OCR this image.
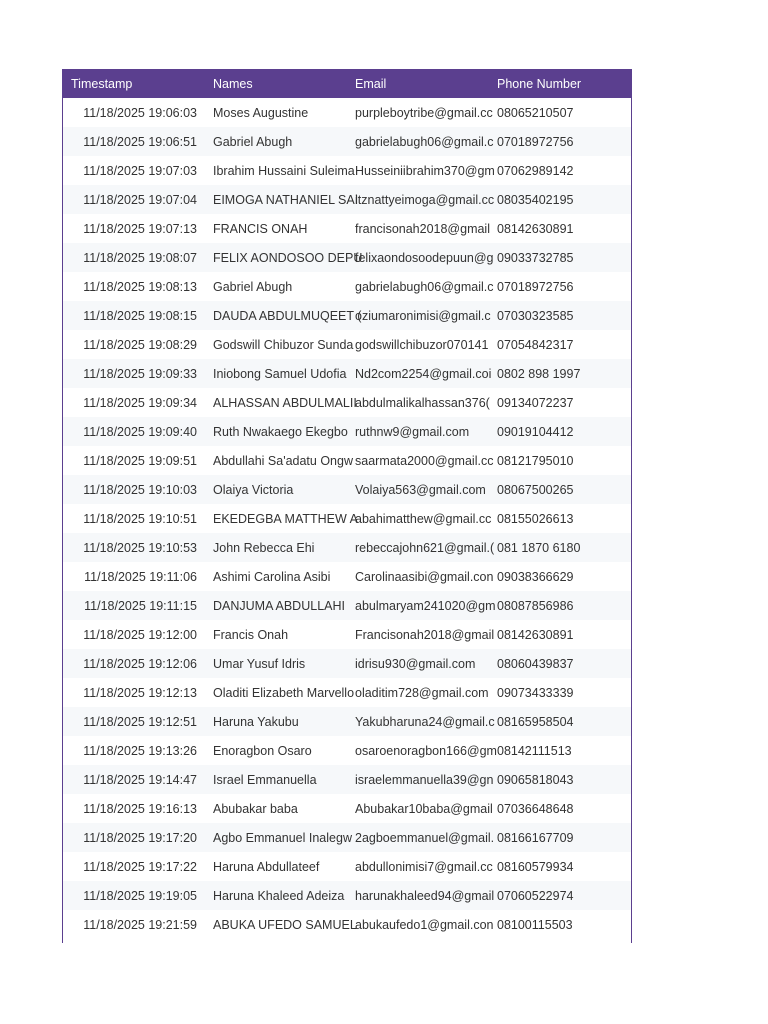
Timestamp	Names	Email	Phone Number
11/18/2025 19:06:03	Moses Augustine	purpleboytribe@gmail.cc	08065210507
11/18/2025 19:06:51	Gabriel Abugh	gabrielabugh06@gmail.c	07018972756
11/18/2025 19:07:03	Ibrahim Hussaini Suleima	Husseiniibrahim370@gm	07062989142
11/18/2025 19:07:04	EIMOGA NATHANIEL SAI	itznattyeimoga@gmail.cc	08035402195
11/18/2025 19:07:13	FRANCIS ONAH	francisonah2018@gmail	08142630891
11/18/2025 19:08:07	FELIX AONDOSOO DEPU	felixaondosoodepuun@g	09033732785
11/18/2025 19:08:13	Gabriel Abugh	gabrielabugh06@gmail.c	07018972756
11/18/2025 19:08:15	DAUDA ABDULMUQEET (	oziumaronimisi@gmail.c	07030323585
11/18/2025 19:08:29	Godswill Chibuzor Sunda	godswillchibuzor070141	07054842317
11/18/2025 19:09:33	Iniobong Samuel Udofia	Nd2com2254@gmail.coi	0802 898 1997
11/18/2025 19:09:34	ALHASSAN ABDULMALII	abdulmalikalhassan376(	09134072237
11/18/2025 19:09:40	Ruth Nwakaego Ekegbo	ruthnw9@gmail.com	09019104412
11/18/2025 19:09:51	Abdullahi Sa'adatu Ongw	saarmata2000@gmail.cc	08121795010
11/18/2025 19:10:03	Olaiya Victoria	Volaiya563@gmail.com	08067500265
11/18/2025 19:10:51	EKEDEGBA MATTHEW A	abahimatthew@gmail.cc	08155026613
11/18/2025 19:10:53	John Rebecca Ehi	rebeccajohn621@gmail.(	081 1870 6180
11/18/2025 19:11:06	Ashimi Carolina Asibi	Carolinaasibi@gmail.con	09038366629
11/18/2025 19:11:15	DANJUMA ABDULLAHI	abulmaryam241020@gm	08087856986
11/18/2025 19:12:00	Francis Onah	Francisonah2018@gmail	08142630891
11/18/2025 19:12:06	Umar Yusuf Idris	idrisu930@gmail.com	08060439837
11/18/2025 19:12:13	Oladiti Elizabeth Marvello	oladitim728@gmail.com	09073433339
11/18/2025 19:12:51	Haruna Yakubu	Yakubharuna24@gmail.c	08165958504
11/18/2025 19:13:26	Enoragbon Osaro	osaroenoragbon166@gm	08142111513
11/18/2025 19:14:47	Israel Emmanuella	israelemmanuella39@gn	09065818043
11/18/2025 19:16:13	Abubakar baba	Abubakar10baba@gmail	07036648648
11/18/2025 19:17:20	Agbo Emmanuel Inalegw	2agboemmanuel@gmail.	08166167709
11/18/2025 19:17:22	Haruna Abdullateef	abdullonimisi7@gmail.cc	08160579934
11/18/2025 19:19:05	Haruna Khaleed Adeiza	harunakhaleed94@gmail	07060522974
11/18/2025 19:21:59	ABUKA UFEDO SAMUEL	abukaufedo1@gmail.con	08100115503
